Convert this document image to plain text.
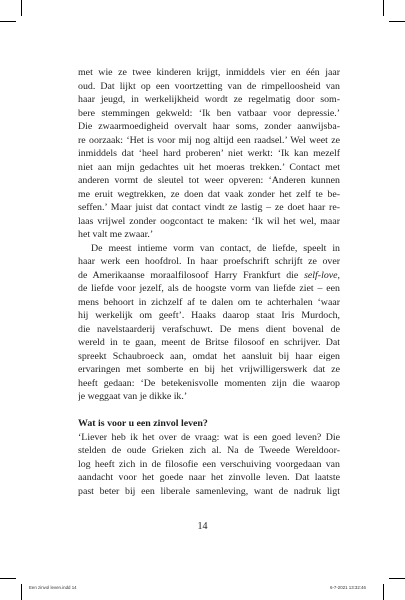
met wie ze twee kinderen krijgt, inmiddels vier en één jaar
oud. Dat lijkt op een voortzetting van de rimpelloosheid van
haar jeugd, in werkelijkheid wordt ze regelmatig door som-
bere stemmingen gekweld: ‘Ik ben vatbaar voor depressie.’
Die zwaarmoedigheid overvalt haar soms, zonder aanwijsba-
re oorzaak: ‘Het is voor mij nog altijd een raadsel.’ Wel weet ze
inmiddels dat ‘heel hard proberen’ niet werkt: ‘Ik kan mezelf
niet aan mijn gedachtes uit het moeras trekken.’ Contact met
anderen vormt de sleutel tot weer opveren: ‘Anderen kunnen
me eruit wegtrekken, ze doen dat vaak zonder het zelf te be-
seffen.’ Maar juist dat contact vindt ze lastig – ze doet haar re-
laas vrijwel zonder oogcontact te maken: ‘Ik wil het wel, maar
het valt me zwaar.’
De meest intieme vorm van contact, de liefde, speelt in
haar werk een hoofdrol. In haar proefschrift schrijft ze over
de Amerikaanse moraalfilosoof Harry Frankfurt die self-love,
de liefde voor jezelf, als de hoogste vorm van liefde ziet – een
mens behoort in zichzelf af te dalen om te achterhalen ‘waar
hij werkelijk om geeft’. Haaks daarop staat Iris Murdoch,
die navelstaarderij verafschuwt. De mens dient bovenal de
wereld in te gaan, meent de Britse filosoof en schrijver. Dat
spreekt Schaubroeck aan, omdat het aansluit bij haar eigen
ervaringen met somberte en bij het vrijwilligerswerk dat ze
heeft gedaan: ‘De betekenisvolle momenten zijn die waarop
je weggaat van je dikke ik.’
Wat is voor u een zinvol leven?
‘Liever heb ik het over de vraag: wat is een goed leven? Die
stelden de oude Grieken zich al. Na de Tweede Wereldoor-
log heeft zich in de filosofie een verschuiving voorgedaan van
aandacht voor het goede naar het zinvolle leven. Dat laatste
past beter bij een liberale samenleving, want de nadruk ligt
14
Een zinvol leven.indd 14	6-7-2021 13:32:46
